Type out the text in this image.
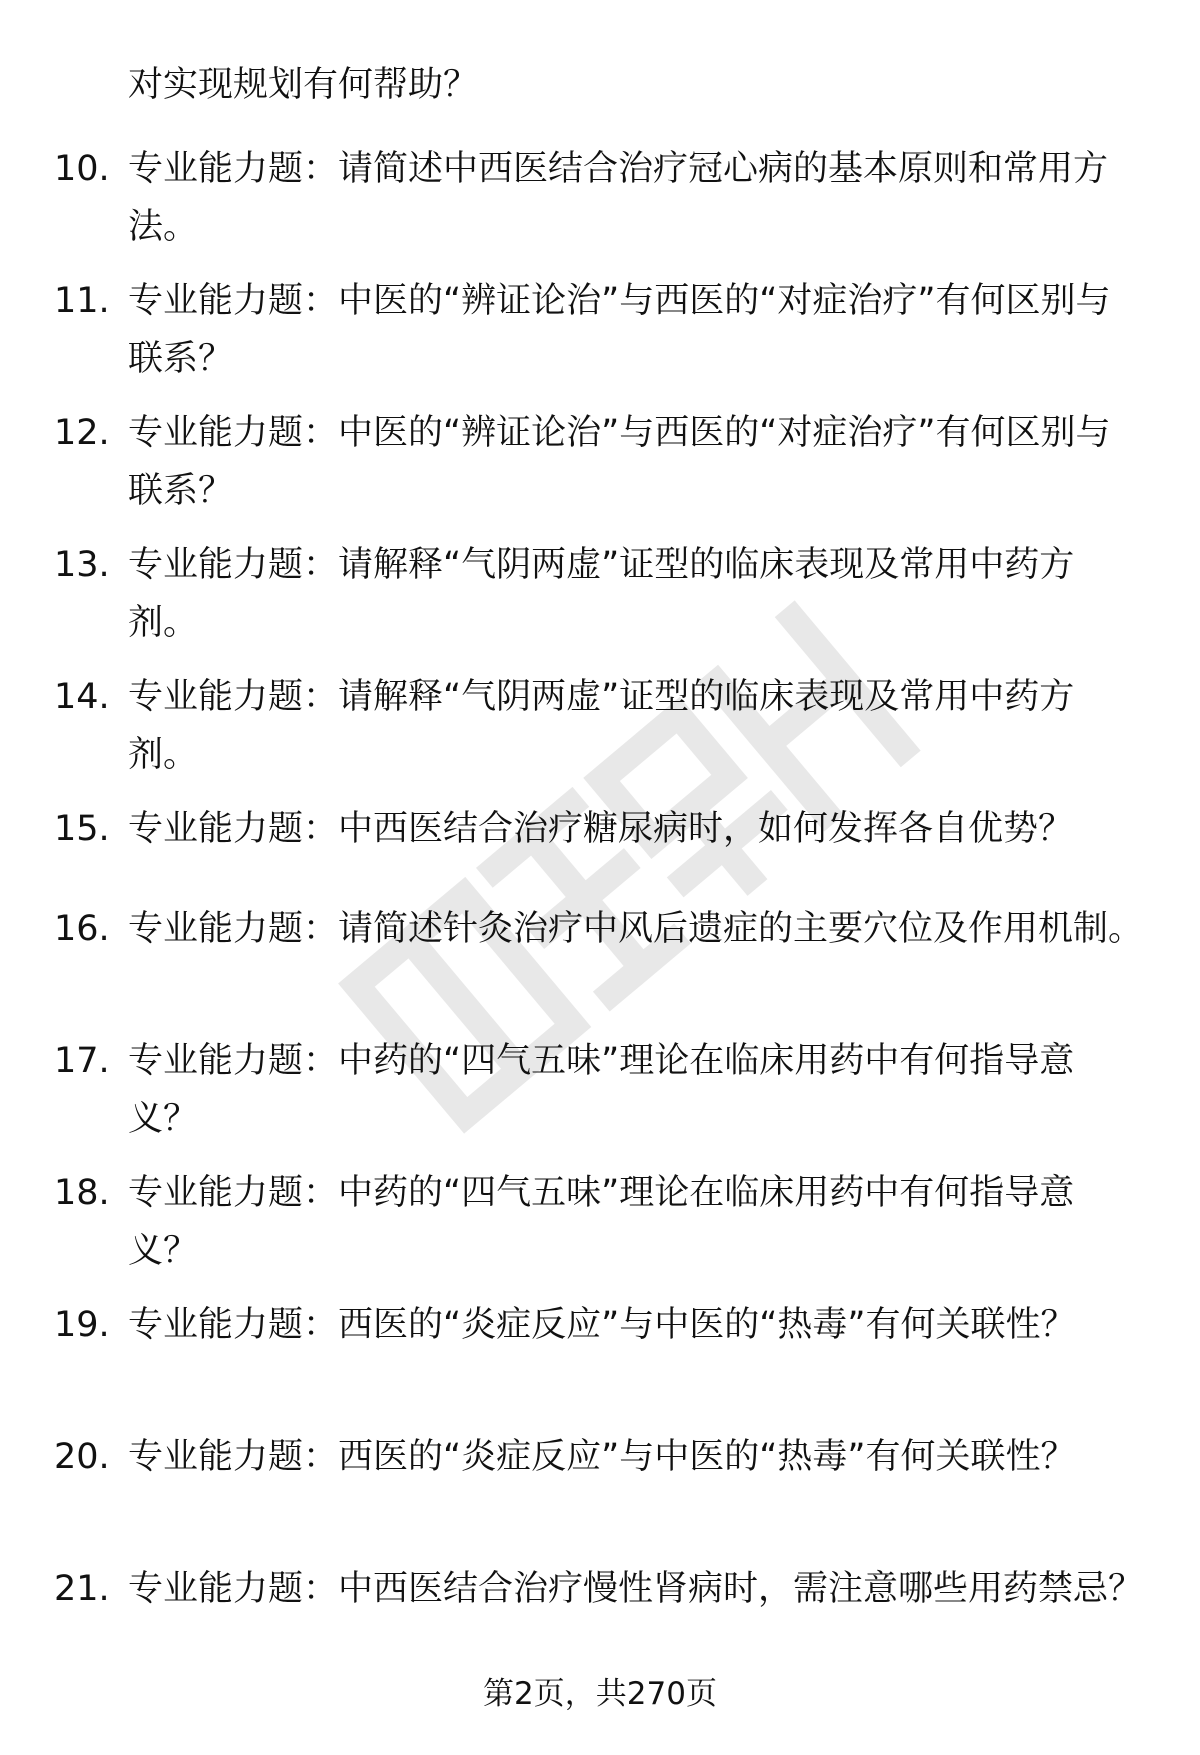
对实现规划有何帮助？

10. 专业能力题：请简述中西医结合治疗冠心病的基本原则和常用方法。
11. 专业能力题：中医的“辨证论治”与西医的“对症治疗”有何区别与联系？
12. 专业能力题：中医的“辨证论治”与西医的“对症治疗”有何区别与联系？
13. 专业能力题：请解释“气阴两虚”证型的临床表现及常用中药方剂。
14. 专业能力题：请解释“气阴两虚”证型的临床表现及常用中药方剂。
15. 专业能力题：中西医结合治疗糖尿病时，如何发挥各自优势？
16. 专业能力题：请简述针灸治疗中风后遗症的主要穴位及作用机制。
17. 专业能力题：中药的“四气五味”理论在临床用药中有何指导意义？
18. 专业能力题：中药的“四气五味”理论在临床用药中有何指导意义？
19. 专业能力题：西医的“炎症反应”与中医的“热毒”有何关联性？
20. 专业能力题：西医的“炎症反应”与中医的“热毒”有何关联性？
21. 专业能力题：中西医结合治疗慢性肾病时，需注意哪些用药禁忌？
第2页，共270页
